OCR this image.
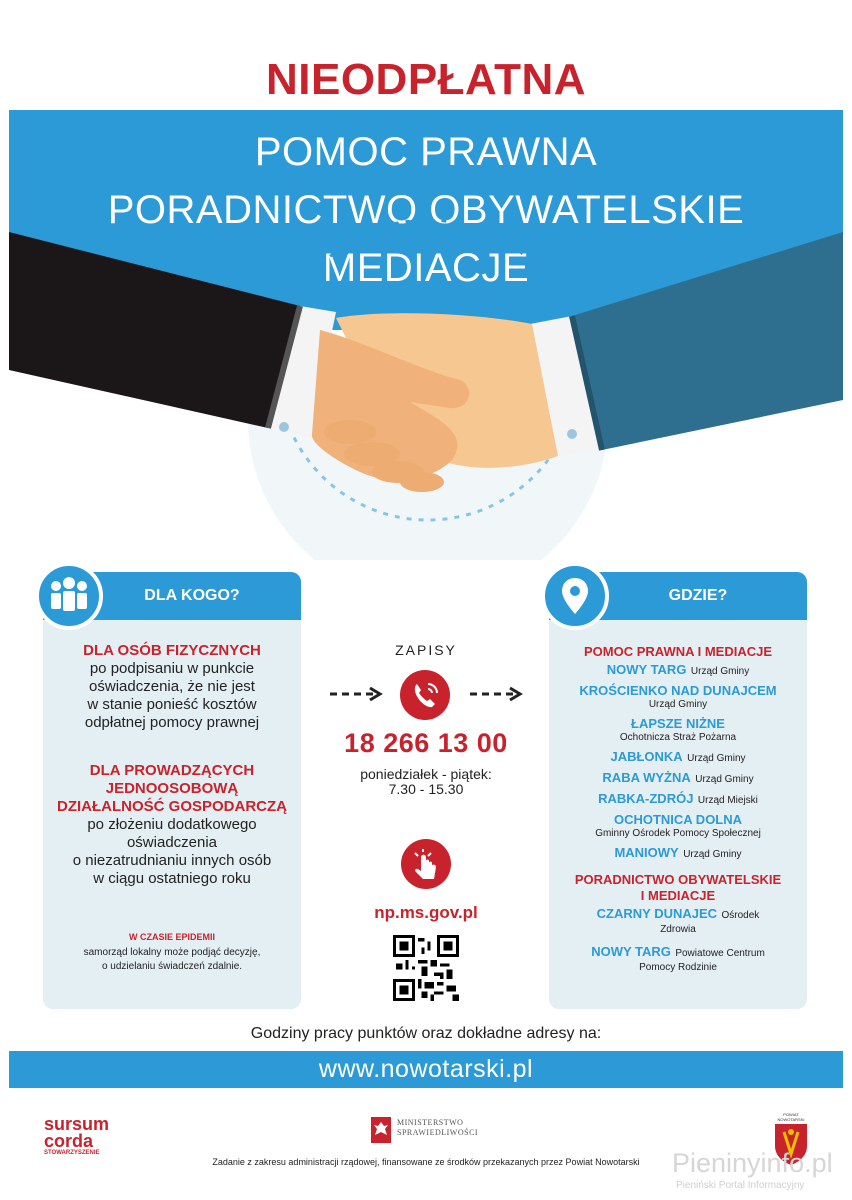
NIEODPŁATNA
POMOC PRAWNA
PORADNICTWO OBYWATELSKIE
MEDIACJE
DLA KOGO?
DLA OSÓB FIZYCZNYCH
po podpisaniu w punkcie
oświadczenia, że nie jest
w stanie ponieść kosztów
odpłatnej pomocy prawnej
DLA PROWADZĄCYCH
JEDNOOSOBOWĄ
DZIAŁALNOŚĆ GOSPODARCZĄ
po złożeniu dodatkowego
oświadczenia
o niezatrudnianiu innych osób
w ciągu ostatniego roku
W CZASIE EPIDEMII
samorząd lokalny może podjąć decyzję,
o udzielaniu świadczeń zdalnie.
ZAPISY
18 266 13 00
poniedziałek - piątek:
7.30 - 15.30
np.ms.gov.pl
GDZIE?
POMOC PRAWNA I MEDIACJE
NOWY TARG Urząd Gminy
KROŚCIENKO NAD DUNAJCEM
Urząd Gminy
ŁAPSZE NIŻNE
Ochotnicza Straż Pożarna
JABŁONKA Urząd Gminy
RABA WYŻNA Urząd Gminy
RABKA-ZDRÓJ Urząd Miejski
OCHOTNICA DOLNA
Gminny Ośrodek Pomocy Społecznej
MANIOWY Urząd Gminy
PORADNICTWO OBYWATELSKIE
I MEDIACJE
CZARNY DUNAJEC Ośrodek
Zdrowia
NOWY TARG Powiatowe Centrum
Pomocy Rodzinie
Godziny pracy punktów oraz dokładne adresy na:
www.nowotarski.pl
sursum
corda
STOWARZYSZENIE
MINISTERSTWO
SPRAWIEDLIWOŚCI
POWIAT NOWOTARSKI
Zadanie z zakresu administracji rządowej, finansowane ze środków przekazanych przez Powiat Nowotarski	Pieninyinfo.pl
Pieniński Portal Informacyjny
